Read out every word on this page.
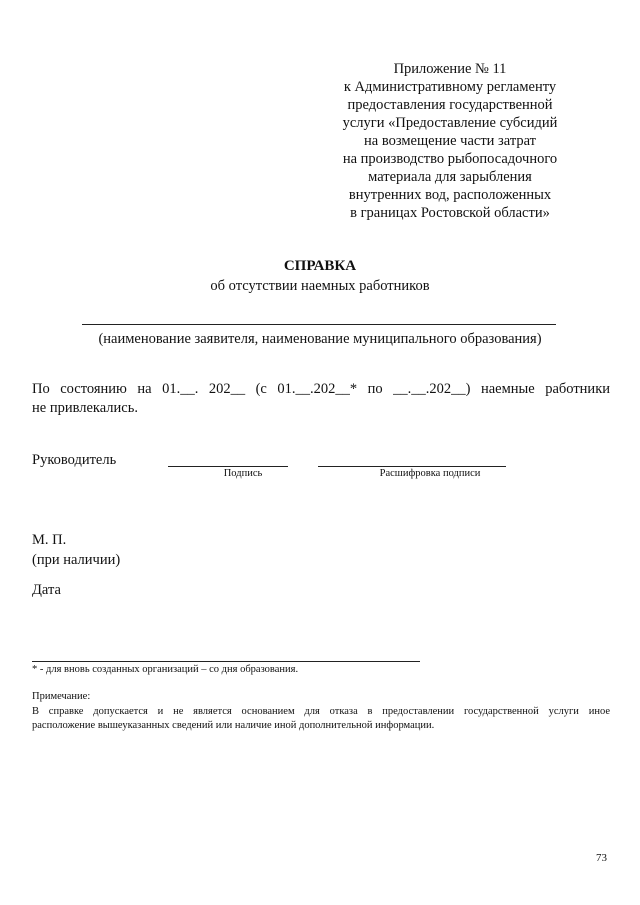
Приложение № 11
к Административному регламенту
предоставления государственной
услуги «Предоставление субсидий
на возмещение части затрат
на производство рыбопосадочного
материала для зарыбления
внутренних вод, расположенных
в границах Ростовской области»
СПРАВКА
об отсутствии наемных работников
(наименование заявителя, наименование муниципального образования)
По состоянию на 01.__. 202__ (с 01.__.202__* по __.__.202__) наемные работники
не привлекались.
Руководитель
Подпись	Расшифровка подписи
М. П.
(при наличии)
Дата
* - для вновь созданных организаций – со дня образования.
Примечание:
В справке допускается и не является основанием для отказа в предоставлении государственной услуги иное
расположение вышеуказанных сведений или наличие иной дополнительной информации.
73
